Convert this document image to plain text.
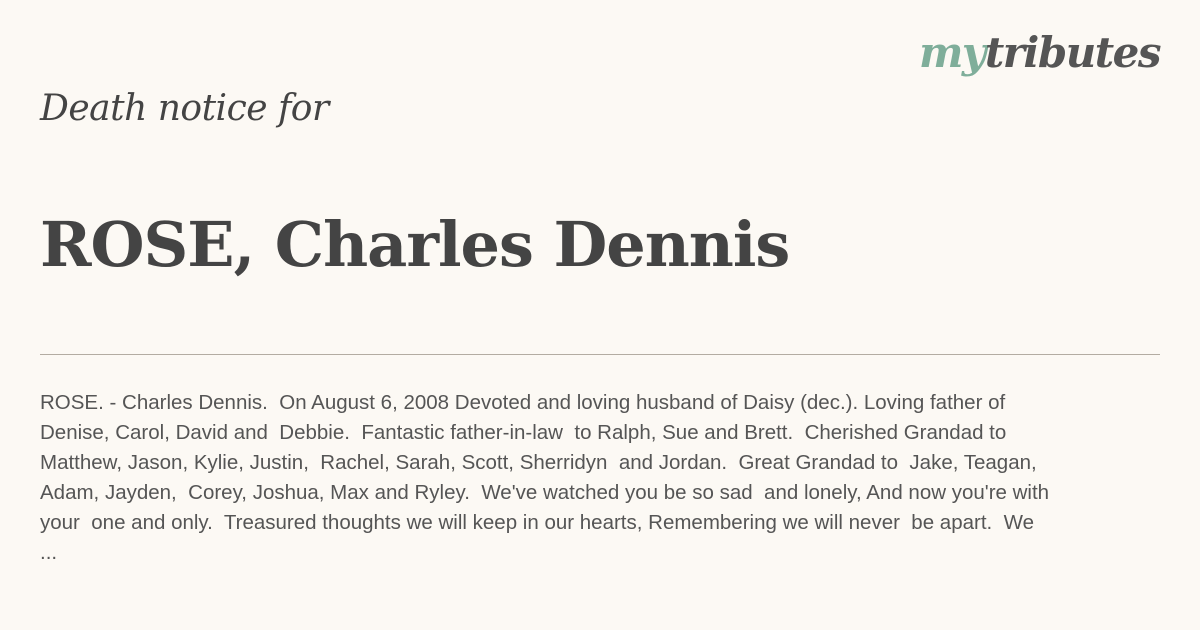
mytributes
Death notice for
ROSE, Charles Dennis

ROSE. - Charles Dennis.  On August 6, 2008 Devoted and loving husband of Daisy (dec.). Loving father of
Denise, Carol, David and  Debbie.  Fantastic father-in-law  to Ralph, Sue and Brett.  Cherished Grandad to
Matthew, Jason, Kylie, Justin,  Rachel, Sarah, Scott, Sherridyn  and Jordan.  Great Grandad to  Jake, Teagan,
Adam, Jayden,  Corey, Joshua, Max and Ryley.  We've watched you be so sad  and lonely, And now you're with
your  one and only.  Treasured thoughts we will keep in our hearts, Remembering we will never  be apart.  We
...
